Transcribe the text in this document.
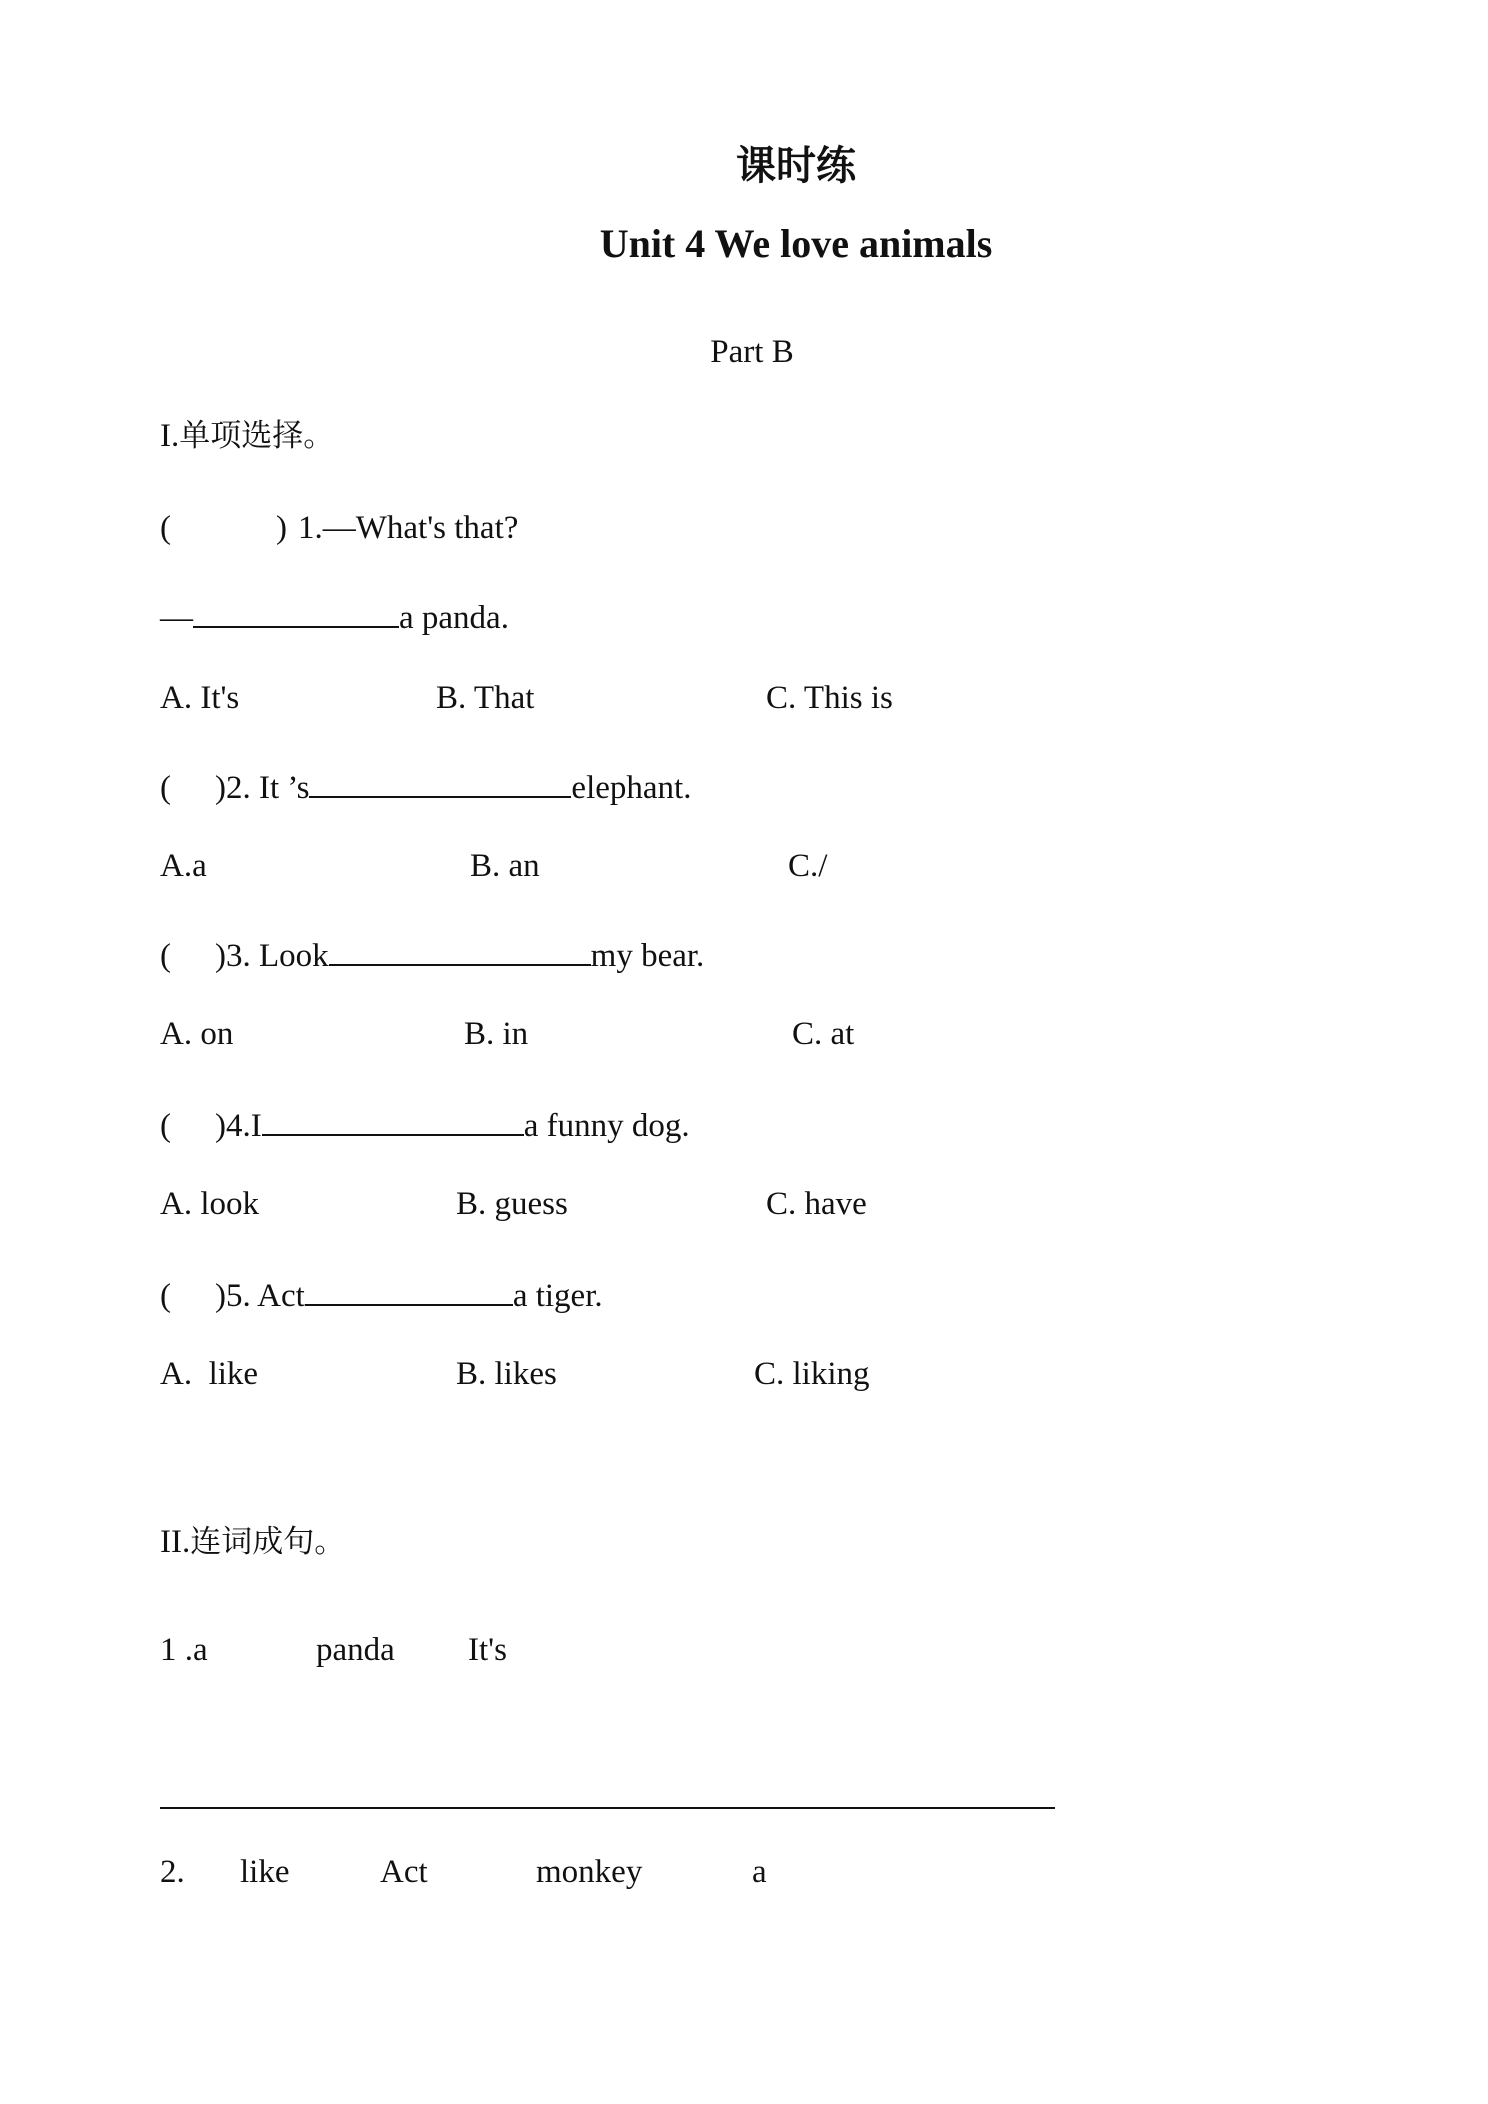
课时练
Unit 4 We love animals
Part B
I.单项选择。
(	) 1.—What's that?
—	a panda.
A. It's	B. That	C. This is
( )2. It ’s	elephant.
A.a	B. an	C./
( )3. Look	my bear.
A. on	B. in	C. at
( )4.I	a funny dog.
A. look	B. guess	C. have
( )5. Act	a tiger.
A.  like	B. likes	C. liking
II.连词成句。
1 .a	panda It's
2. like	Act	monkey	a
